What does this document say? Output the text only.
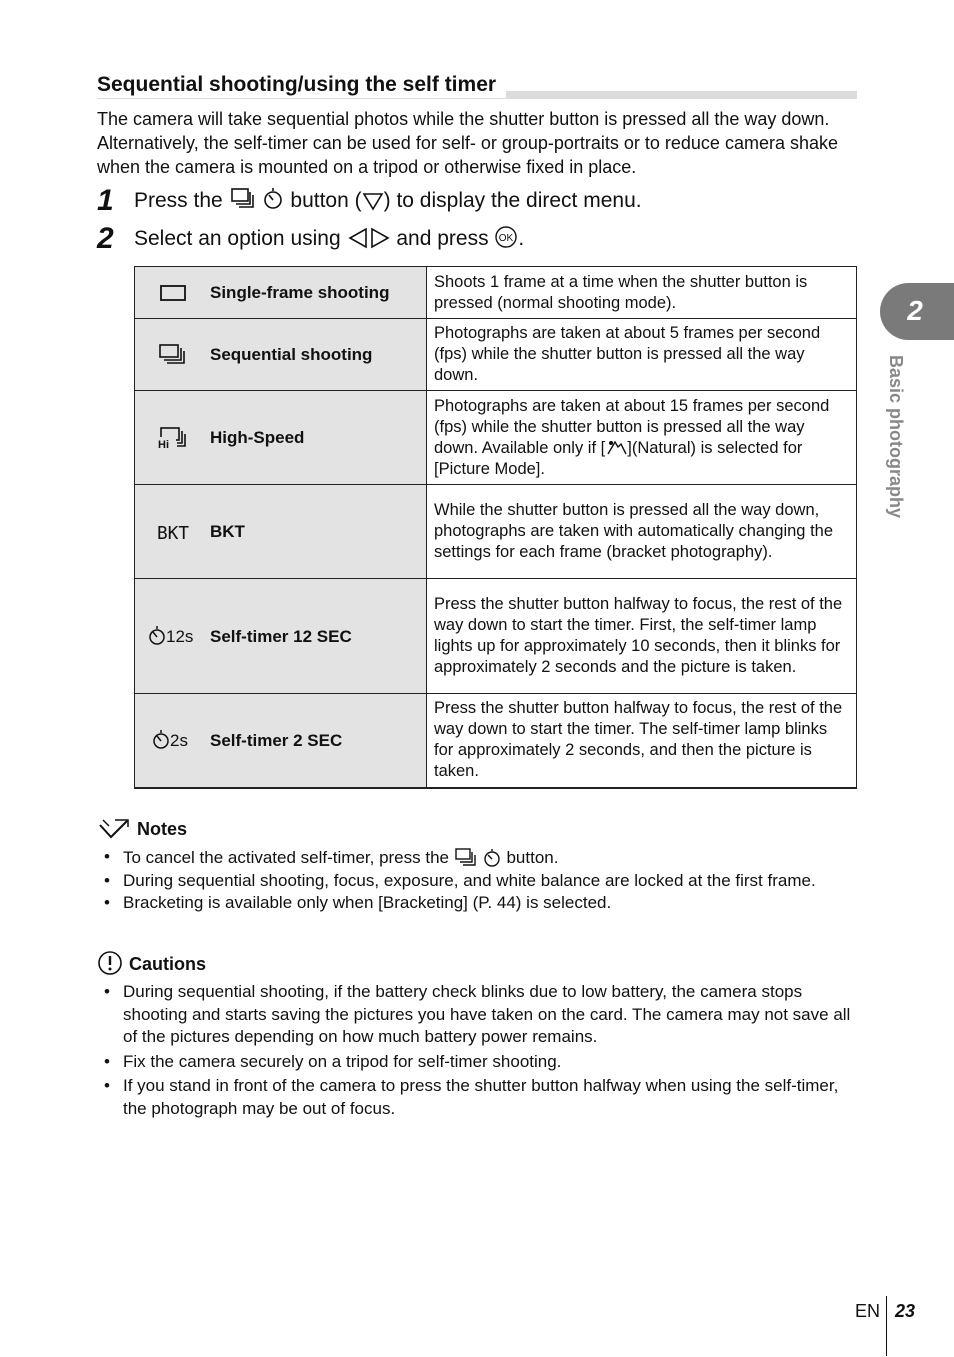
Sequential shooting/using the self timer

The camera will take sequential photos while the shutter button is pressed all the way down. Alternatively, the self-timer can be used for self- or group-portraits or to reduce camera shake when the camera is mounted on a tripod or otherwise fixed in place.

1 Press the	button ( ) to display the direct menu.
2 Select an option using	and press OK .
Single-frame shooting	Shoots 1 frame at a time when the shutter button is pressed (normal shooting mode).

Sequential shooting	Photographs are taken at about 5 frames per second (fps) while the shutter button is pressed all the way down.

Hi High-Speed	Photographs are taken at about 15 frames per second (fps) while the shutter button is pressed all the way down. Available only if [ ](Natural) is selected for [Picture Mode].

BKT BKT	While the shutter button is pressed all the way down, photographs are taken with automatically changing the settings for each frame (bracket photography).

12s Self-timer 12 SEC	Press the shutter button halfway to focus, the rest of the way down to start the timer. First, the self-timer lamp lights up for approximately 10 seconds, then it blinks for approximately 2 seconds and the picture is taken.

2s Self-timer 2 SEC	Press the shutter button halfway to focus, the rest of the way down to start the timer. The self-timer lamp blinks for approximately 2 seconds, and then the picture is taken.
Notes
• To cancel the activated self-timer, press the	button.
• During sequential shooting, focus, exposure, and white balance are locked at the first frame.
• Bracketing is available only when [Bracketing] (P. 44) is selected.
Cautions
• During sequential shooting, if the battery check blinks due to low battery, the camera stops shooting and starts saving the pictures you have taken on the card. The camera may not save all of the pictures depending on how much battery power remains.
• Fix the camera securely on a tripod for self-timer shooting.
• If you stand in front of the camera to press the shutter button halfway when using the self-timer, the photograph may be out of focus.
2
Basic photography
EN 23
